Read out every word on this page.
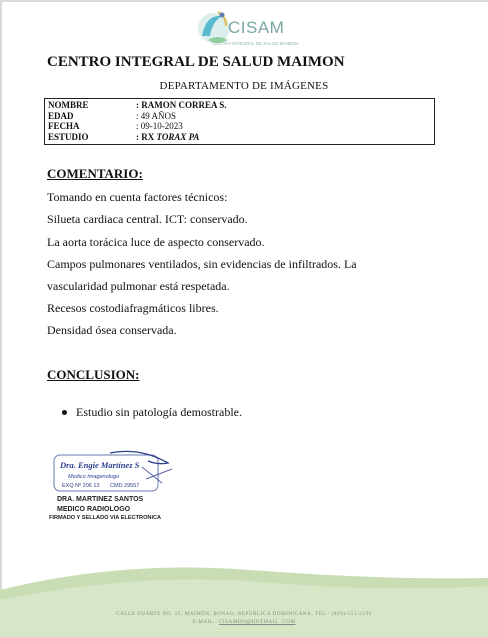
CISAM
CENTRO INTEGRAL DE SALUD MAIMON
CENTRO INTEGRAL DE SALUD MAIMON
DEPARTAMENTO DE IMÁGENES
NOMBRE	: RAMON CORREA S.
EDAD	: 49 AÑOS
FECHA	: 09-10-2023
ESTUDIO	: RX TORAX PA
COMENTARIO:
Tomando en cuenta factores técnicos:
Silueta cardiaca central. ICT: conservado.
La aorta torácica luce de aspecto conservado.
Campos pulmonares ventilados, sin evidencias de infiltrados. La
vascularidad pulmonar está respetada.
Recesos costodiafragmáticos libres.
Densidad ósea conservada.
CONCLUSION:
Estudio sin patología demostrable.
Dra. Engie Martínez S
Medico Imagenologo
EXQ Nº 206 13 CMD 29557
DRA. MARTINEZ SANTOS
MEDICO RADIOLOGO
FIRMADO Y SELLADO VIA ELECTRONICA
CALLE DUARTE NO. 15, MAIMÓN, BONAO, REPUBLICA DOMINICANA, TEL.: (809)-551-2196
E-MAIL : CISAMDO@HOTMAIL .COM
